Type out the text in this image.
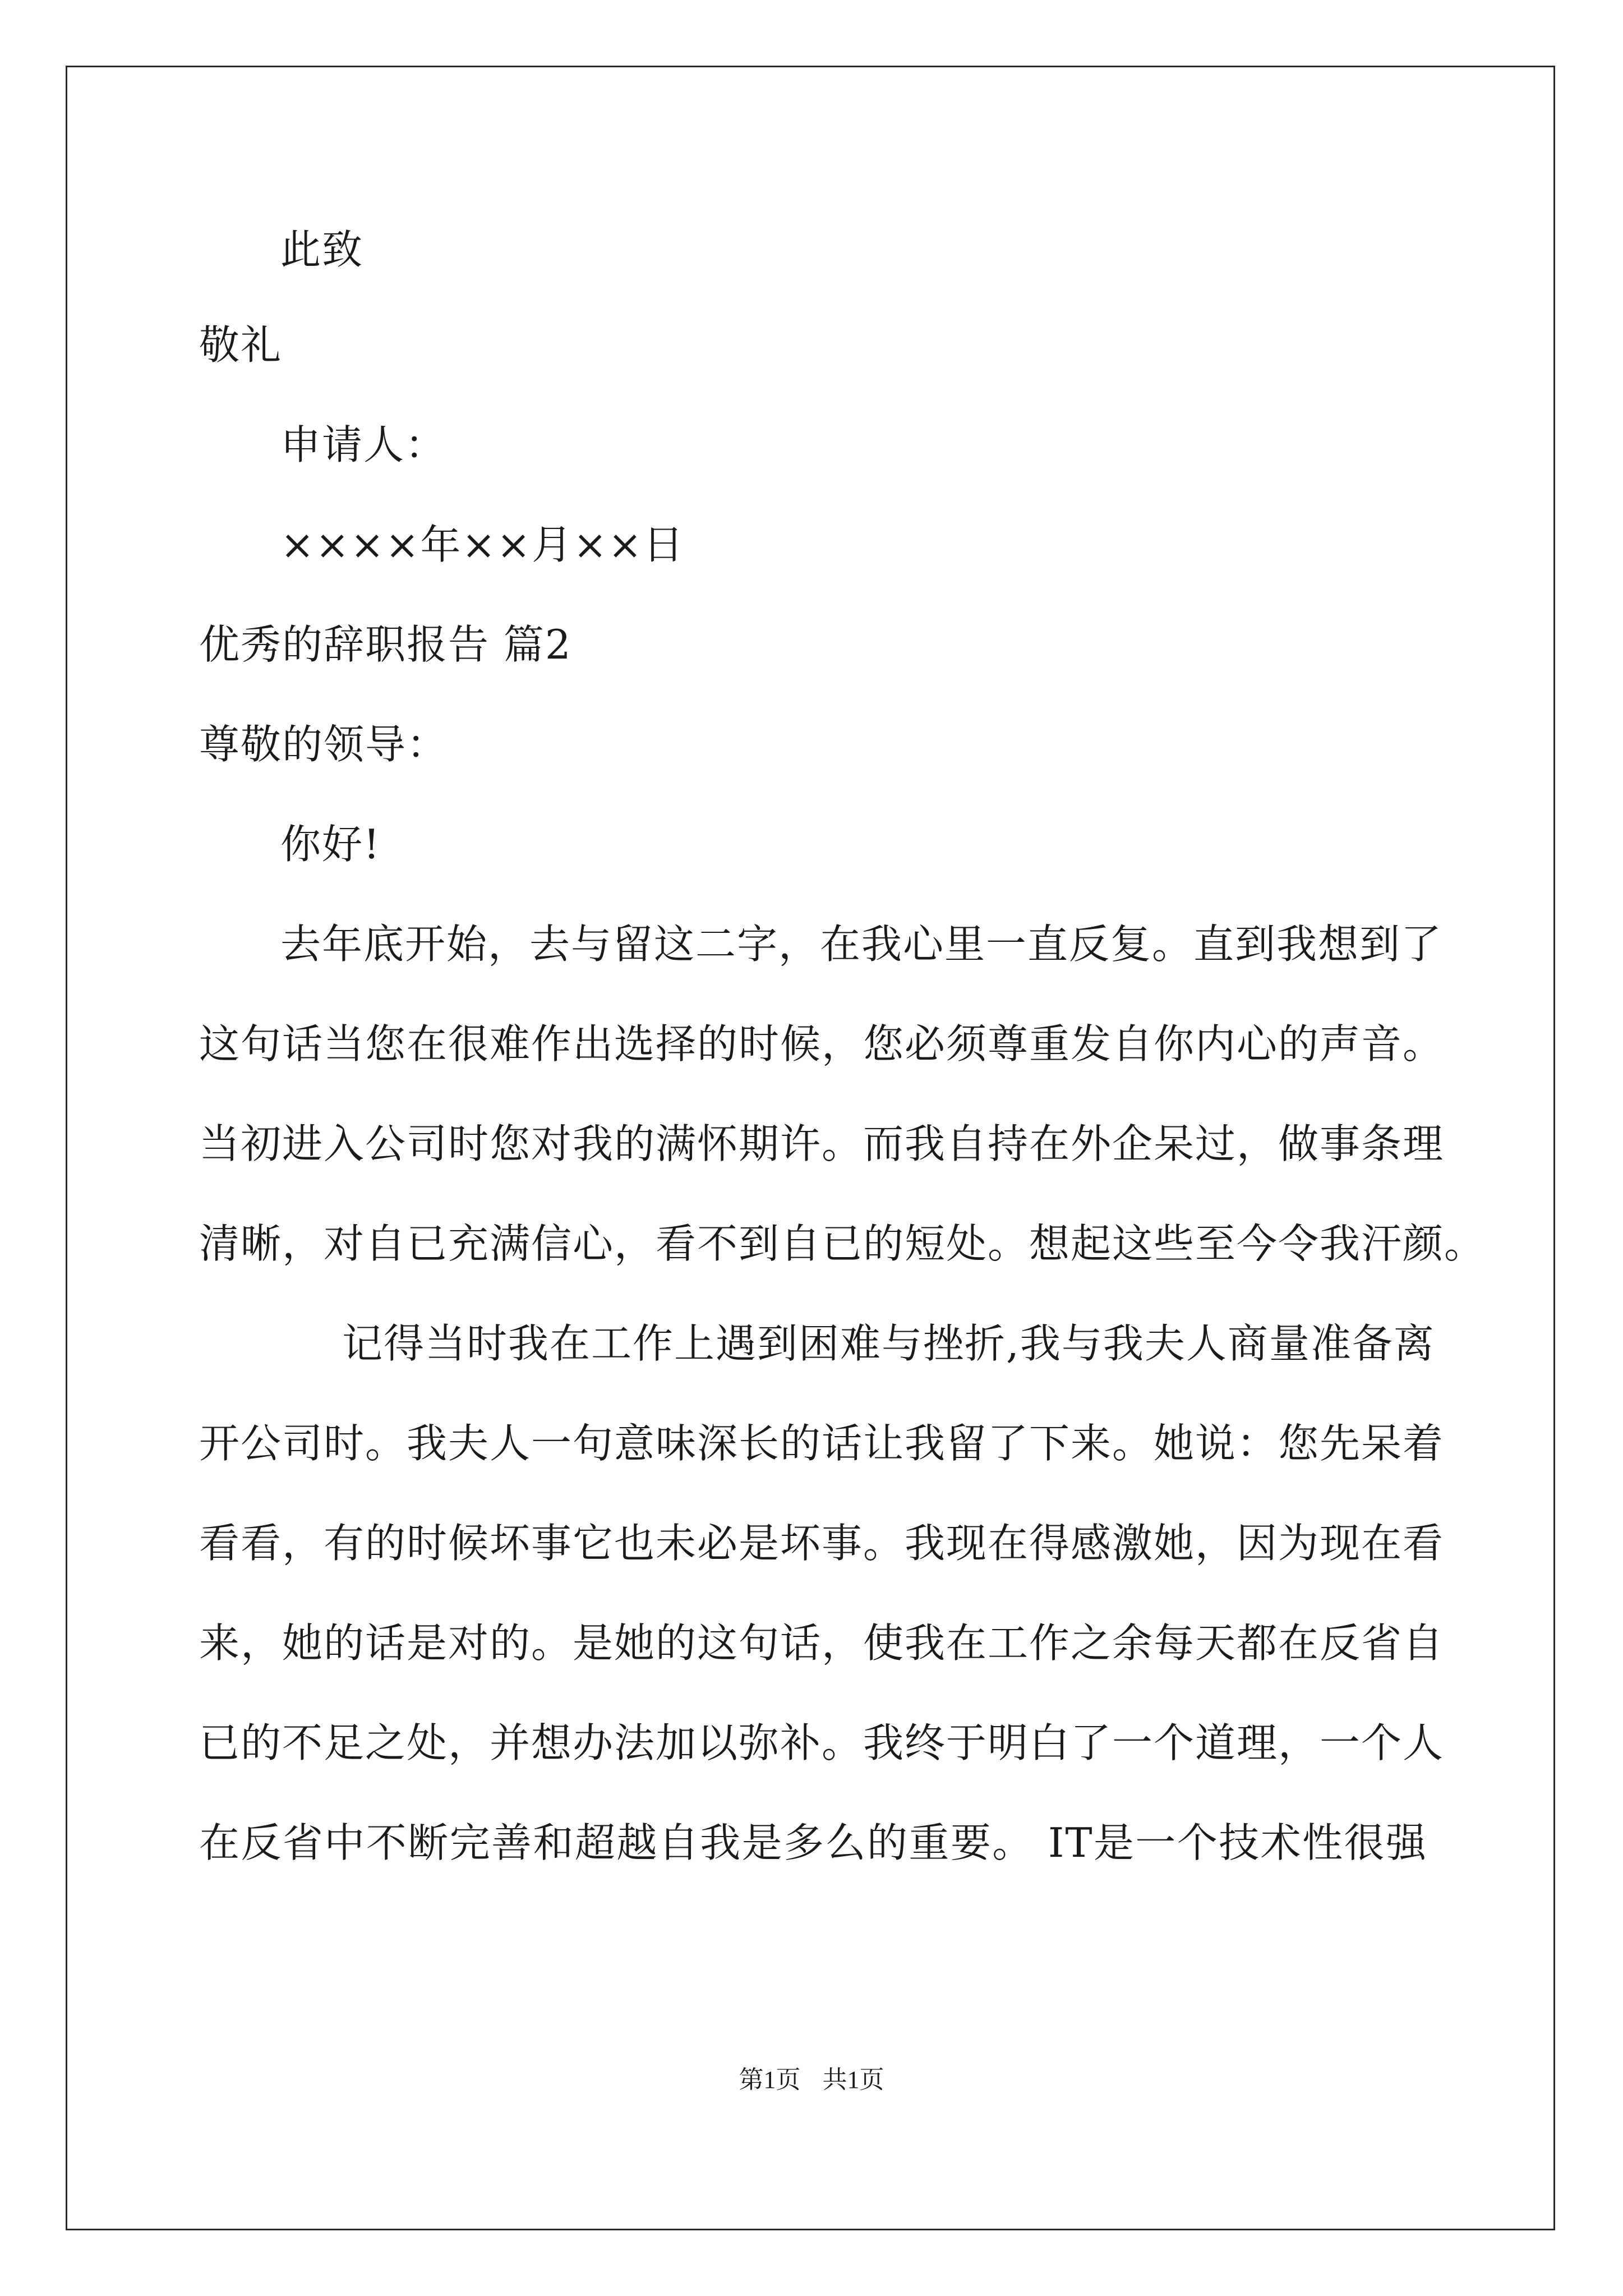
此致
敬礼
申请人：
××××年××月××日
优秀的辞职报告 篇2
尊敬的领导：
你好!
去年底开始，去与留这二字，在我心里一直反复。直到我想到了
这句话当您在很难作出选择的时候，您必须尊重发自你内心的声音。
当初进入公司时您对我的满怀期许。而我自持在外企呆过，做事条理
清晰，对自已充满信心，看不到自已的短处。想起这些至今令我汗颜。
记得当时我在工作上遇到困难与挫折,我与我夫人商量准备离
开公司时。我夫人一句意味深长的话让我留了下来。她说：您先呆着
看看，有的时候坏事它也未必是坏事。我现在得感激她，因为现在看
来，她的话是对的。是她的这句话，使我在工作之余每天都在反省自
已的不足之处，并想办法加以弥补。我终于明白了一个道理，一个人
在反省中不断完善和超越自我是多么的重要。 IT是一个技术性很强
第1页 共1页
